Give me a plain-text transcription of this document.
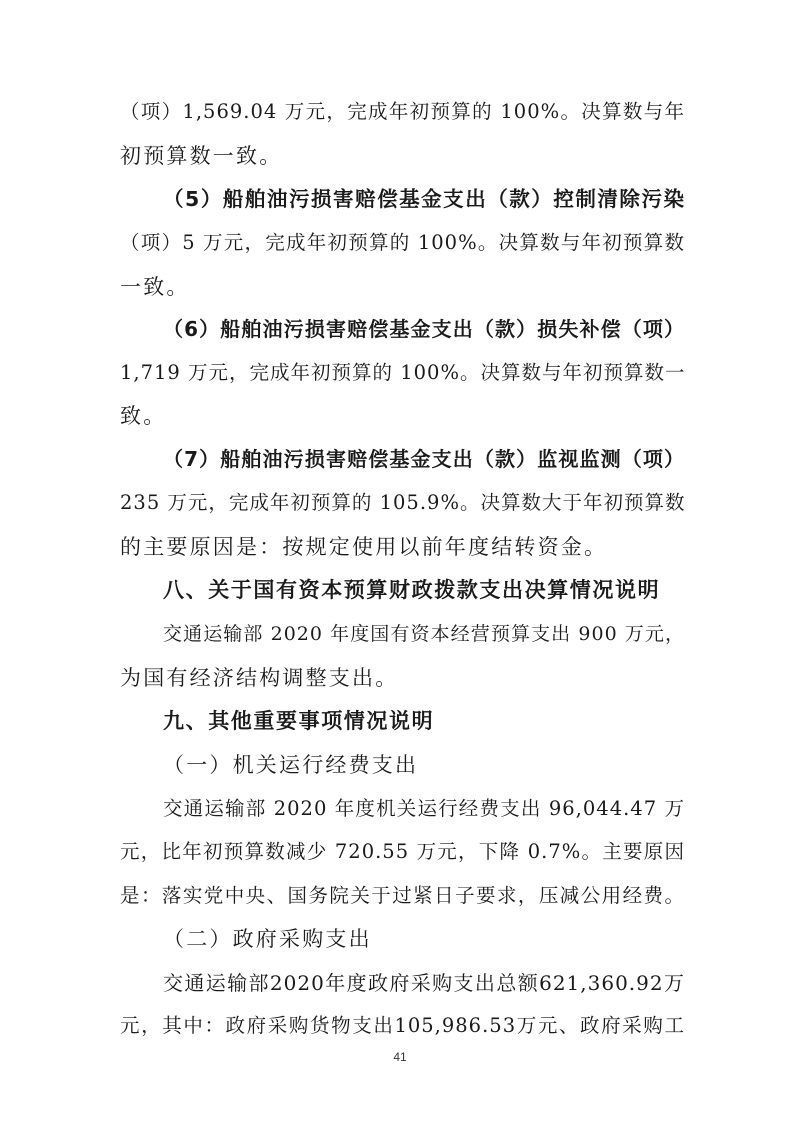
（项）1,569.04 万元，完成年初预算的 100%。决算数与年
初预算数一致。
（5）船舶油污损害赔偿基金支出（款）控制清除污染
（项）5 万元，完成年初预算的 100%。决算数与年初预算数
一致。
（6）船舶油污损害赔偿基金支出（款）损失补偿（项）
1,719 万元，完成年初预算的 100%。决算数与年初预算数一
致。
（7）船舶油污损害赔偿基金支出（款）监视监测（项）
235 万元，完成年初预算的 105.9%。决算数大于年初预算数
的主要原因是：按规定使用以前年度结转资金。
八、关于国有资本预算财政拨款支出决算情况说明
交通运输部 2020 年度国有资本经营预算支出 900 万元，
为国有经济结构调整支出。
九、其他重要事项情况说明
（一）机关运行经费支出
交通运输部 2020 年度机关运行经费支出 96,044.47 万
元，比年初预算数减少 720.55 万元，下降 0.7%。主要原因
是：落实党中央、国务院关于过紧日子要求，压减公用经费。
（二）政府采购支出
交通运输部2020年度政府采购支出总额621,360.92万
元，其中：政府采购货物支出105,986.53万元、政府采购工
41
